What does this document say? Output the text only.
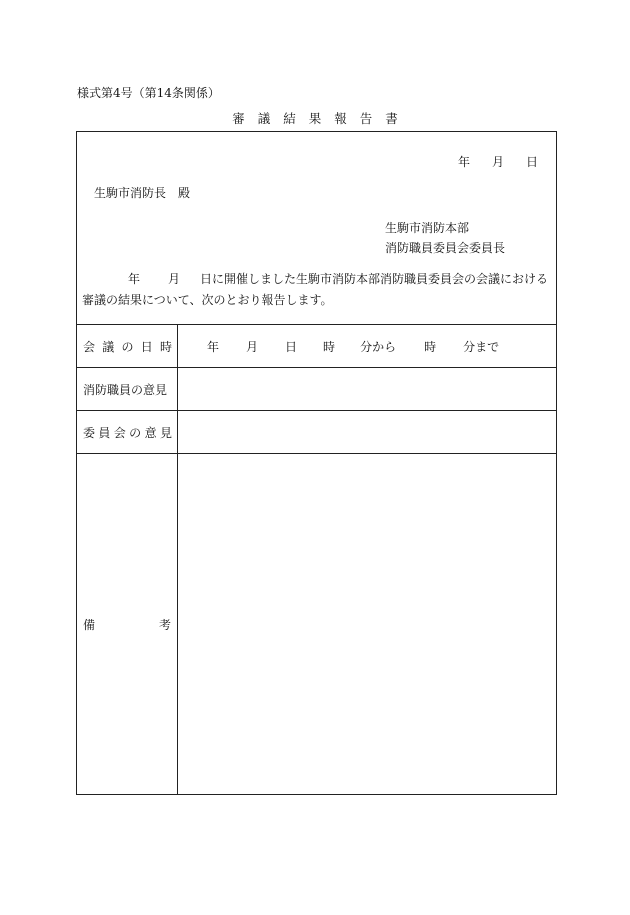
様式第4号（第14条関係）
審議結果報告書
年 月 日
生駒市消防長　殿
生駒市消防本部
消防職員委員会委員長
年 月 日に開催しました生駒市消防本部消防職員委員会の会議における
審議の結果について、次のとおり報告します。
会 議 の 日 時	年 月 日 時 分から 時 分まで
消防職員の意見
委 員 会 の 意 見
備	考
